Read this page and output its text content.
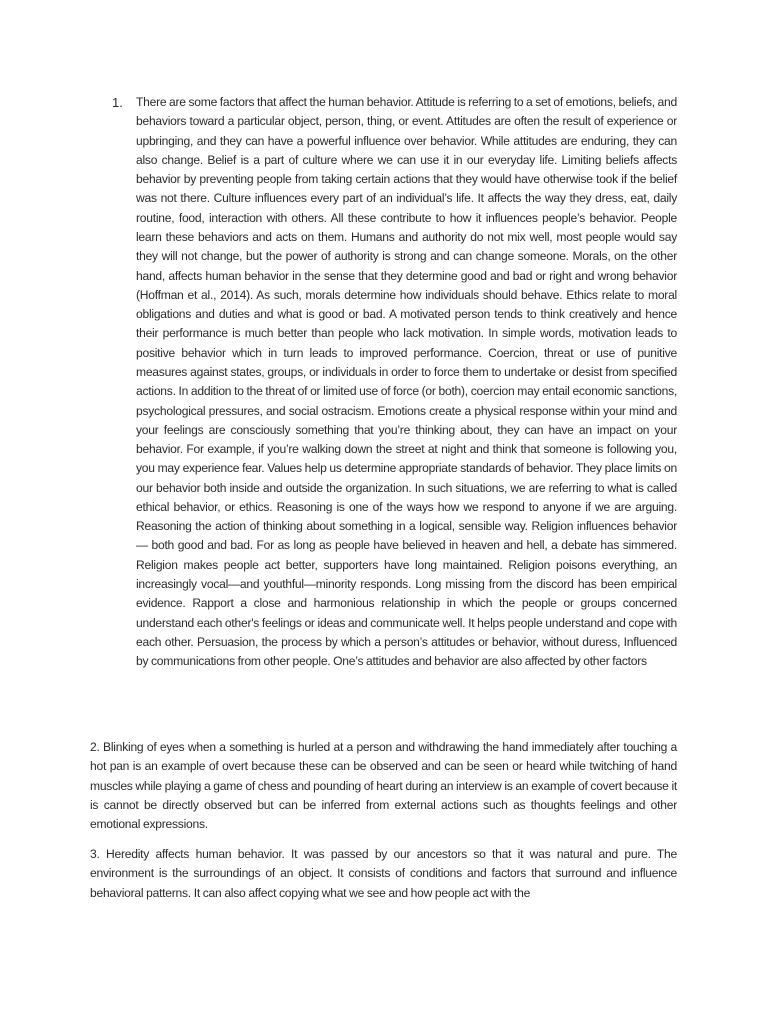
1. There are some factors that affect the human behavior. Attitude is referring to a set of emotions, beliefs, and behaviors toward a particular object, person, thing, or event. Attitudes are often the result of experience or upbringing, and they can have a powerful influence over behavior. While attitudes are enduring, they can also change. Belief is a part of culture where we can use it in our everyday life. Limiting beliefs affects behavior by preventing people from taking certain actions that they would have otherwise took if the belief was not there. Culture influences every part of an individual’s life. It affects the way they dress, eat, daily routine, food, interaction with others. All these contribute to how it influences people’s behavior. People learn these behaviors and acts on them. Humans and authority do not mix well, most people would say they will not change, but the power of authority is strong and can change someone. Morals, on the other hand, affects human behavior in the sense that they determine good and bad or right and wrong behavior (Hoffman et al., 2014). As such, morals determine how individuals should behave. Ethics relate to moral obligations and duties and what is good or bad. A motivated person tends to think creatively and hence their performance is much better than people who lack motivation. In simple words, motivation leads to positive behavior which in turn leads to improved performance. Coercion, threat or use of punitive measures against states, groups, or individuals in order to force them to undertake or desist from specified actions. In addition to the threat of or limited use of force (or both), coercion may entail economic sanctions, psychological pressures, and social ostracism. Emotions create a physical response within your mind and your feelings are consciously something that you’re thinking about, they can have an impact on your behavior. For example, if you’re walking down the street at night and think that someone is following you, you may experience fear. Values help us determine appropriate standards of behavior. They place limits on our behavior both inside and outside the organization. In such situations, we are referring to what is called ethical behavior, or ethics. Reasoning is one of the ways how we respond to anyone if we are arguing. Reasoning the action of thinking about something in a logical, sensible way. Religion influences behavior — both good and bad. For as long as people have believed in heaven and hell, a debate has simmered. Religion makes people act better, supporters have long maintained. Religion poisons everything, an increasingly vocal—and youthful—minority responds. Long missing from the discord has been empirical evidence. Rapport a close and harmonious relationship in which the people or groups concerned understand each other's feelings or ideas and communicate well. It helps people understand and cope with each other. Persuasion, the process by which a person’s attitudes or behavior, without duress, Influenced by communications from other people. One’s attitudes and behavior are also affected by other factors
2. Blinking of eyes when a something is hurled at a person and withdrawing the hand immediately after touching a hot pan is an example of overt because these can be observed and can be seen or heard while twitching of hand muscles while playing a game of chess and pounding of heart during an interview is an example of covert because it is cannot be directly observed but can be inferred from external actions such as thoughts feelings and other emotional expressions.
3. Heredity affects human behavior. It was passed by our ancestors so that it was natural and pure. The environment is the surroundings of an object. It consists of conditions and factors that surround and influence behavioral patterns. It can also affect copying what we see and how people act with the
